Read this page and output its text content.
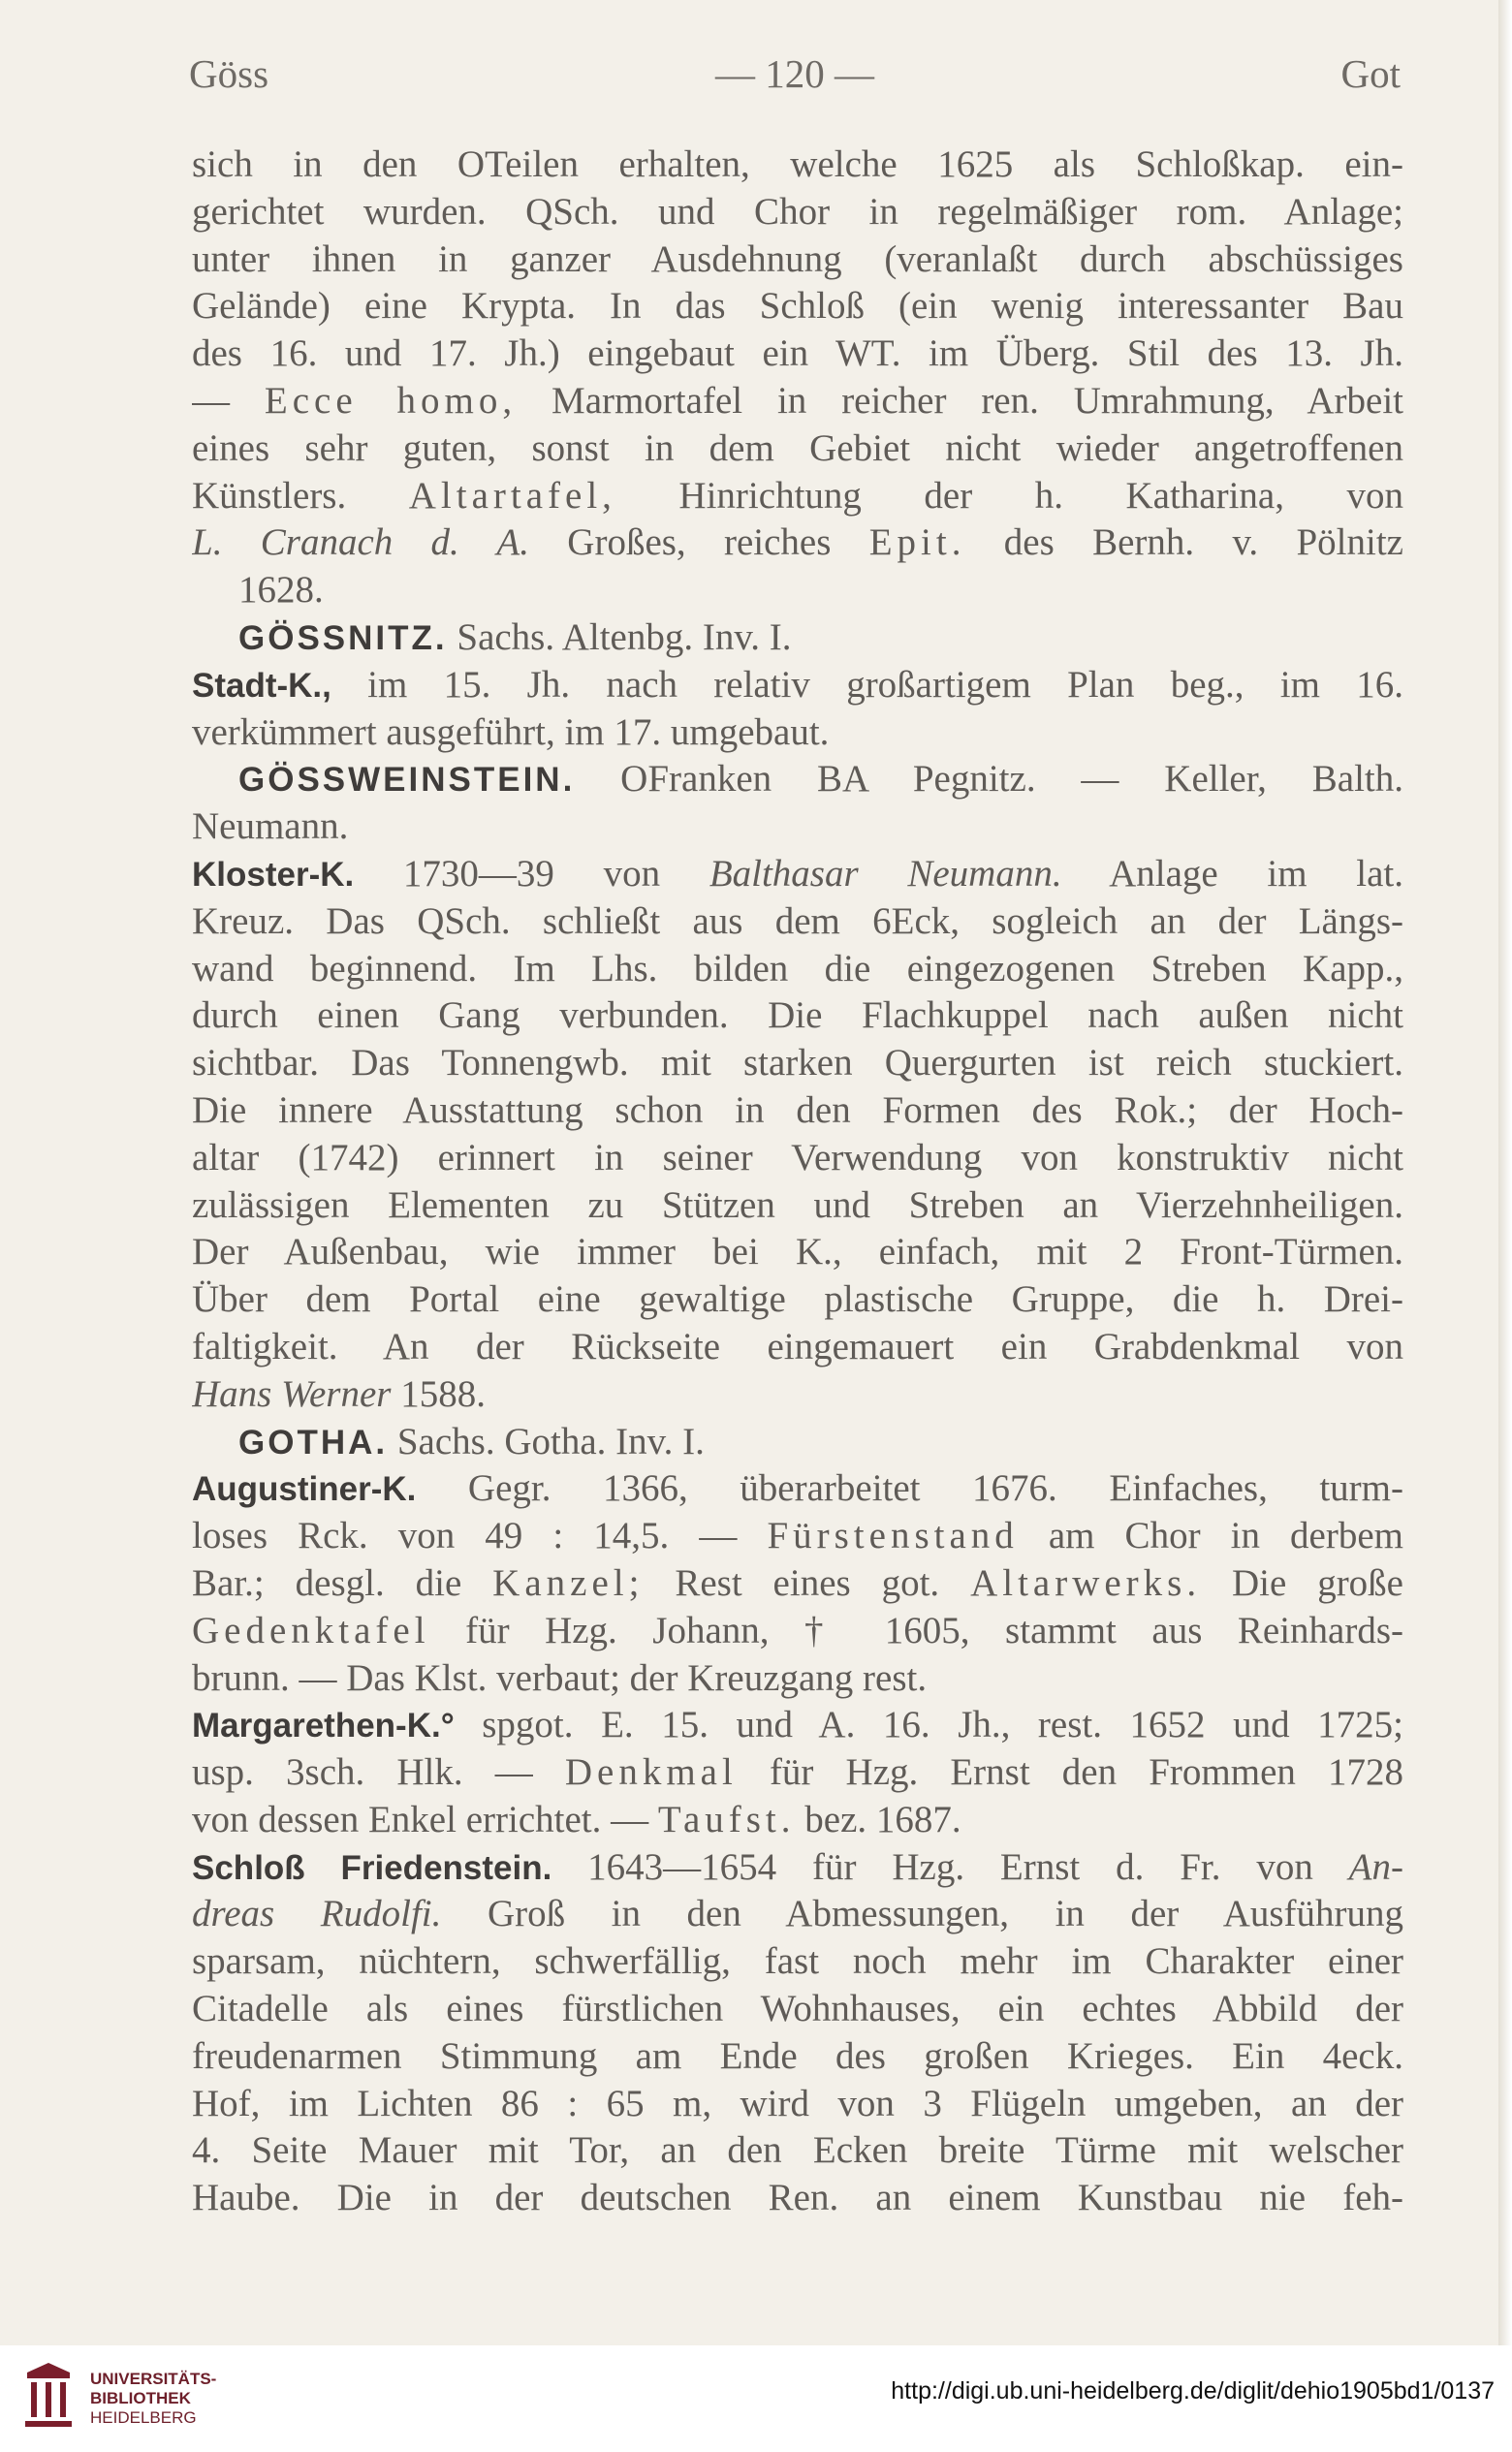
Göss	— 120 —	Got
sich in den OTeilen erhalten, welche 1625 als Schloßkap. ein-
gerichtet wurden. QSch. und Chor in regelmäßiger rom. Anlage;
unter ihnen in ganzer Ausdehnung (veranlaßt durch abschüssiges
Gelände) eine Krypta. In das Schloß (ein wenig interessanter Bau
des 16. und 17. Jh.) eingebaut ein WT. im Überg. Stil des 13. Jh.
— Ecce homo, Marmortafel in reicher ren. Umrahmung, Arbeit
eines sehr guten, sonst in dem Gebiet nicht wieder angetroffenen
Künstlers. Altartafel, Hinrichtung der h. Katharina, von
L. Cranach d. A. Großes, reiches Epit. des Bernh. v. Pölnitz
1628.
GÖSSNITZ. Sachs. Altenbg. Inv. I.
Stadt-K., im 15. Jh. nach relativ großartigem Plan beg., im 16.
verkümmert ausgeführt, im 17. umgebaut.
GÖSSWEINSTEIN. OFranken BA Pegnitz. — Keller, Balth.
Neumann.
Kloster-K. 1730—39 von Balthasar Neumann. Anlage im lat.
Kreuz. Das QSch. schließt aus dem 6Eck, sogleich an der Längs-
wand beginnend. Im Lhs. bilden die eingezogenen Streben Kapp.,
durch einen Gang verbunden. Die Flachkuppel nach außen nicht
sichtbar. Das Tonnengwb. mit starken Quergurten ist reich stuckiert.
Die innere Ausstattung schon in den Formen des Rok.; der Hoch-
altar (1742) erinnert in seiner Verwendung von konstruktiv nicht
zulässigen Elementen zu Stützen und Streben an Vierzehnheiligen.
Der Außenbau, wie immer bei K., einfach, mit 2 Front-Türmen.
Über dem Portal eine gewaltige plastische Gruppe, die h. Drei-
faltigkeit. An der Rückseite eingemauert ein Grabdenkmal von
Hans Werner 1588.
GOTHA. Sachs. Gotha. Inv. I.
Augustiner-K. Gegr. 1366, überarbeitet 1676. Einfaches, turm-
loses Rck. von 49 : 14,5. — Fürstenstand am Chor in derbem
Bar.; desgl. die Kanzel; Rest eines got. Altarwerks. Die große
Gedenktafel für Hzg. Johann, † 1605, stammt aus Reinhards-
brunn. — Das Klst. verbaut; der Kreuzgang rest.
Margarethen-K.° spgot. E. 15. und A. 16. Jh., rest. 1652 und 1725;
usp. 3sch. Hlk. — Denkmal für Hzg. Ernst den Frommen 1728
von dessen Enkel errichtet. — Taufst. bez. 1687.
Schloß Friedenstein. 1643—1654 für Hzg. Ernst d. Fr. von An-
dreas Rudolfi. Groß in den Abmessungen, in der Ausführung
sparsam, nüchtern, schwerfällig, fast noch mehr im Charakter einer
Citadelle als eines fürstlichen Wohnhauses, ein echtes Abbild der
freudenarmen Stimmung am Ende des großen Krieges. Ein 4eck.
Hof, im Lichten 86 : 65 m, wird von 3 Flügeln umgeben, an der
4. Seite Mauer mit Tor, an den Ecken breite Türme mit welscher
Haube. Die in der deutschen Ren. an einem Kunstbau nie feh-
UNIVERSITÄTS-
BIBLIOTHEK
HEIDELBERG
http://digi.ub.uni-heidelberg.de/diglit/dehio1905bd1/0137
